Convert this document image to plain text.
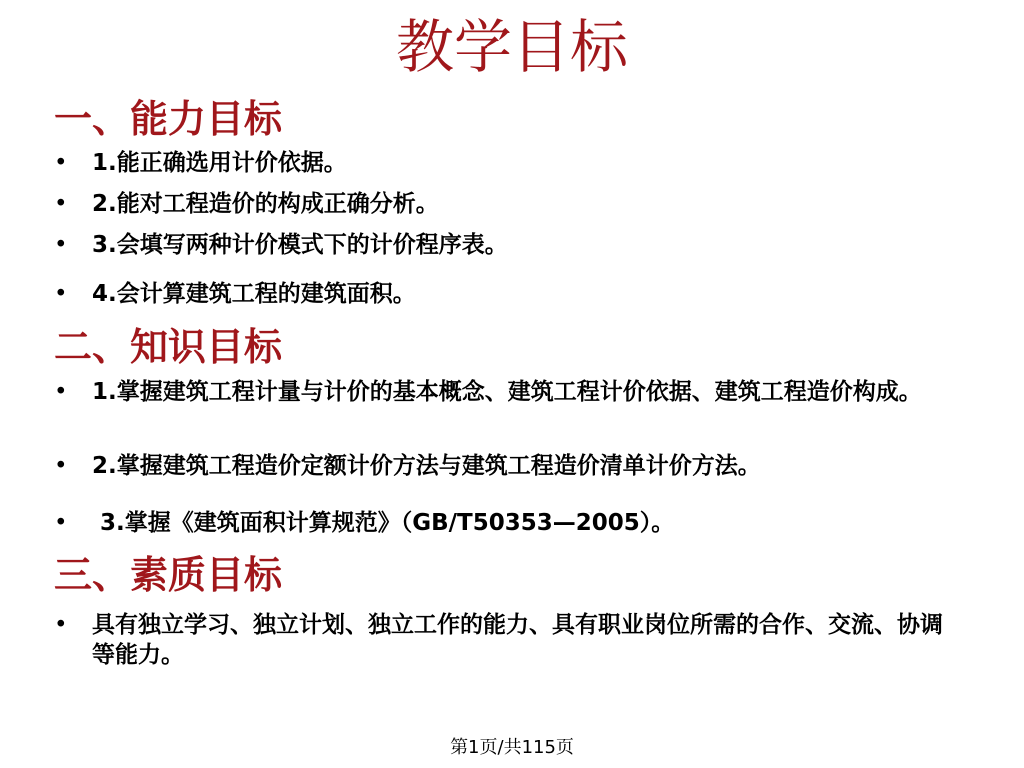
教学目标
一、能力目标
• 1.能正确选用计价依据。
• 2.能对工程造价的构成正确分析。
• 3.会填写两种计价模式下的计价程序表。
• 4.会计算建筑工程的建筑面积。
二、知识目标
• 1.掌握建筑工程计量与计价的基本概念、建筑工程计价依据、建筑工程造价构成。
• 2.掌握建筑工程造价定额计价方法与建筑工程造价清单计价方法。
• 3.掌握《建筑面积计算规范》（GB/T50353—2005）。
三、素质目标
• 具有独立学习、独立计划、独立工作的能力、具有职业岗位所需的合作、交流、协调等能力。
第1页/共115页
